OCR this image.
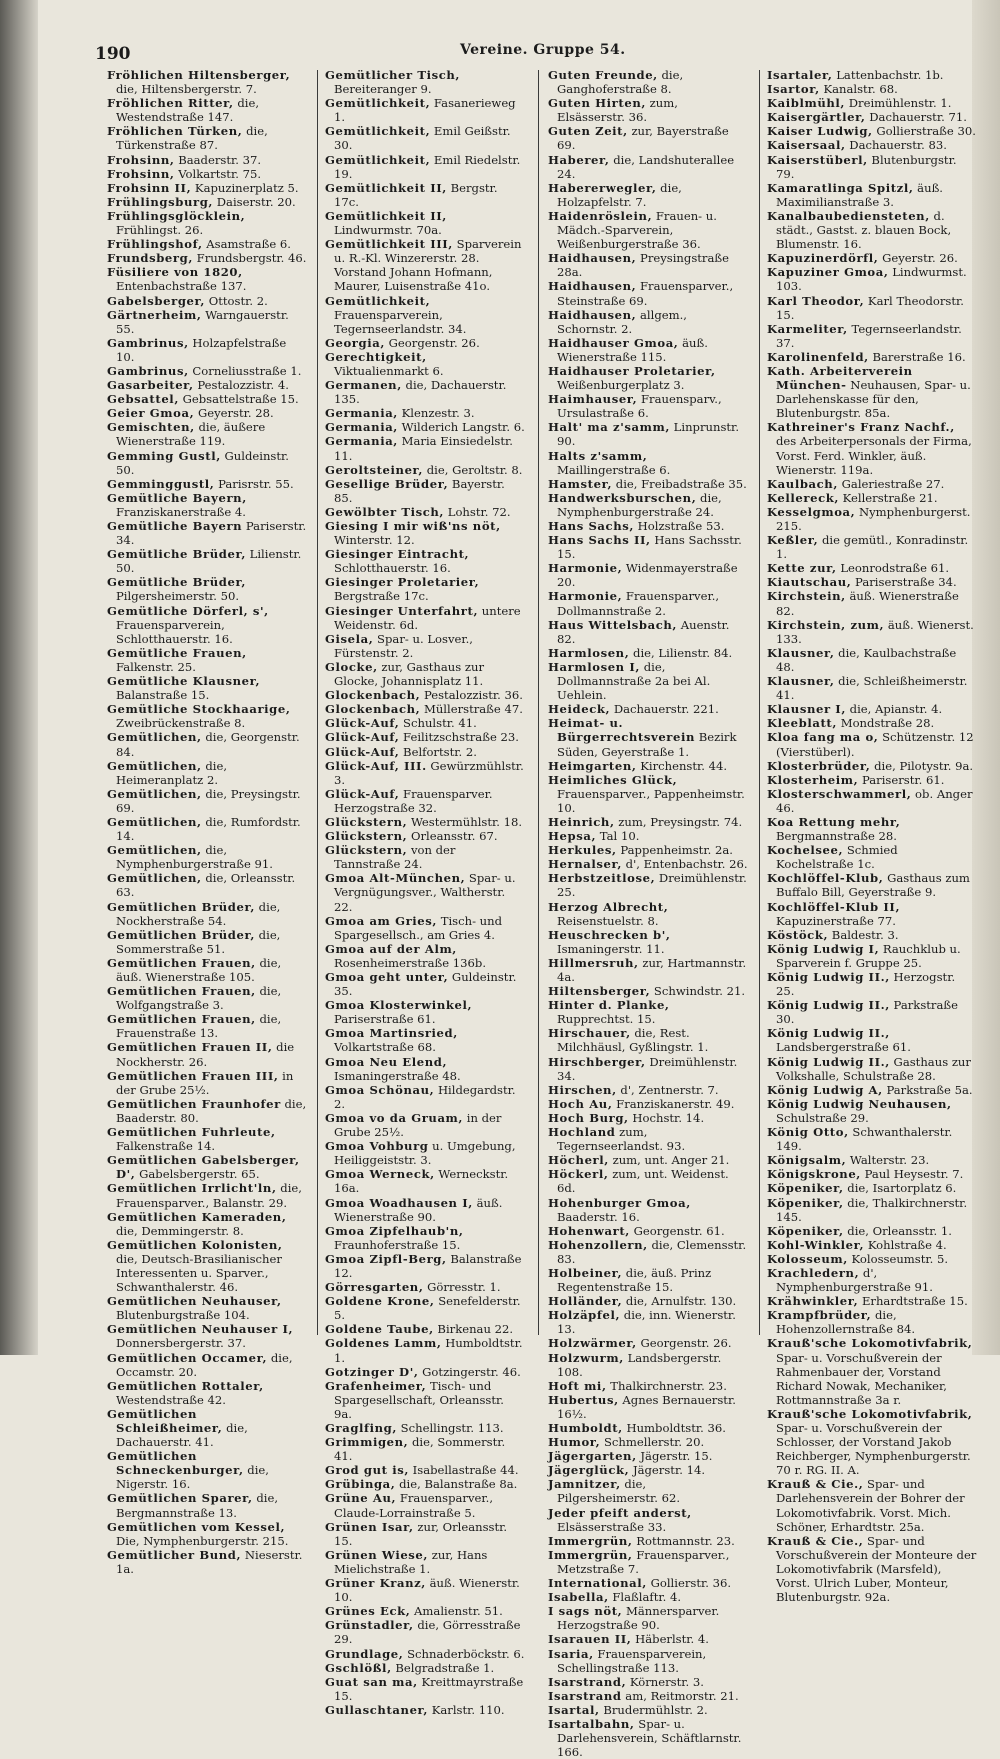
190	Vereine. Gruppe 54.

Fröhlichen Hiltensberger, die, Hiltensbergerstr. 7.

Fröhlichen Ritter, die, Westendstraße 147.

Fröhlichen Türken, die, Türkenstraße 87.

Frohsinn, Baaderstr. 37.

Frohsinn, Volkartstr. 75.

Frohsinn II, Kapuzinerplatz 5.

Frühlingsburg, Daiserstr. 20.

Frühlingsglöcklein, Frühlingst. 26.

Frühlingshof, Asamstraße 6.

Frundsberg, Frundsbergstr. 46.

Füsiliere von 1820, Entenbachstraße 137.

Gabelsberger, Ottostr. 2.

Gärtnerheim, Warngauerstr. 55.

Gambrinus, Holzapfelstraße 10.

Gambrinus, Corneliusstraße 1.

Gasarbeiter, Pestalozzistr. 4.

Gebsattel, Gebsattelstraße 15.

Geier Gmoa, Geyerstr. 28.

Gemischten, die, äußere Wienerstraße 119.

Gemming Gustl, Guldeinstr. 50.

Gemminggustl, Parisrstr. 55.

Gemütliche Bayern, Franziskanerstraße 4.

Gemütliche Bayern Pariserstr. 34.

Gemütliche Brüder, Lilienstr. 50.

Gemütliche Brüder, Pilgersheimerstr. 50.

Gemütliche Dörferl, s', Frauensparverein, Schlotthauerstr. 16.

Gemütliche Frauen, Falkenstr. 25.

Gemütliche Klausner, Balanstraße 15.

Gemütliche Stockhaarige, Zweibrückenstraße 8.

Gemütlichen, die, Georgenstr. 84.

Gemütlichen, die, Heimeranplatz 2.

Gemütlichen, die, Preysingstr. 69.

Gemütlichen, die, Rumfordstr. 14.

Gemütlichen, die, Nymphenburgerstraße 91.

Gemütlichen, die, Orleansstr. 63.

Gemütlichen Brüder, die, Nockherstraße 54.

Gemütlichen Brüder, die, Sommerstraße 51.

Gemütlichen Frauen, die, äuß. Wienerstraße 105.

Gemütlichen Frauen, die, Wolfgangstraße 3.

Gemütlichen Frauen, die, Frauenstraße 13.

Gemütlichen Frauen II, die Nockherstr. 26.

Gemütlichen Frauen III, in der Grube 25½.

Gemütlichen Fraunhofer die, Baaderstr. 80.

Gemütlichen Fuhrleute, Falkenstraße 14.

Gemütlichen Gabelsberger, D', Gabelsbergerstr. 65.

Gemütlichen Irrlicht'ln, die, Frauensparver., Balanstr. 29.

Gemütlichen Kameraden, die, Demmingerstr. 8.

Gemütlichen Kolonisten, die, Deutsch-Brasilianischer Interessenten u. Sparver., Schwanthalerstr. 46.

Gemütlichen Neuhauser, Blutenburgstraße 104.

Gemütlichen Neuhauser I, Donnersbergerstr. 37.

Gemütlichen Occamer, die, Occamstr. 20.

Gemütlichen Rottaler, Westendstraße 42.

Gemütlichen Schleißheimer, die, Dachauerstr. 41.

Gemütlichen Schneckenburger, die, Nigerstr. 16.

Gemütlichen Sparer, die, Bergmannstraße 13.

Gemütlichen vom Kessel, Die, Nymphenburgerstr. 215.

Gemütlicher Bund, Nieserstr. 1a.

Gemütlicher Tisch, Bereiteranger 9.

Gemütlichkeit, Fasanerieweg 1.

Gemütlichkeit, Emil Geißstr. 30.

Gemütlichkeit, Emil Riedelstr. 19.

Gemütlichkeit II, Bergstr. 17c.

Gemütlichkeit II, Lindwurmstr. 70a.

Gemütlichkeit III, Sparverein u. R.-Kl. Winzererstr. 28. Vorstand Johann Hofmann, Maurer, Luisenstraße 41o.

Gemütlichkeit, Frauensparverein, Tegernseerlandstr. 34.

Georgia, Georgenstr. 26.

Gerechtigkeit, Viktualienmarkt 6.

Germanen, die, Dachauerstr. 135.

Germania, Klenzestr. 3.

Germania, Wilderich Langstr. 6.

Germania, Maria Einsiedelstr. 11.

Geroltsteiner, die, Geroltstr. 8.

Gesellige Brüder, Bayerstr. 85.

Gewölbter Tisch, Lohstr. 72.

Giesing I mir wiß'ns nöt, Winterstr. 12.

Giesinger Eintracht, Schlotthauerstr. 16.

Giesinger Proletarier, Bergstraße 17c.

Giesinger Unterfahrt, untere Weidenstr. 6d.

Gisela, Spar- u. Losver., Fürstenstr. 2.

Glocke, zur, Gasthaus zur Glocke, Johannisplatz 11.

Glockenbach, Pestalozzistr. 36.

Glockenbach, Müllerstraße 47.

Glück-Auf, Schulstr. 41.

Glück-Auf, Feilitzschstraße 23.

Glück-Auf, Belfortstr. 2.

Glück-Auf, III. Gewürzmühlstr. 3.

Glück-Auf, Frauensparver. Herzogstraße 32.

Glückstern, Westermühlstr. 18.

Glückstern, Orleansstr. 67.

Glückstern, von der Tannstraße 24.

Gmoa Alt-München, Spar- u. Vergnügungsver., Waltherstr. 22.

Gmoa am Gries, Tisch- und Spargesellsch., am Gries 4.

Gmoa auf der Alm, Rosenheimerstraße 136b.

Gmoa geht unter, Guldeinstr. 35.

Gmoa Klosterwinkel, Pariserstraße 61.

Gmoa Martinsried, Volkartstraße 68.

Gmoa Neu Elend, Ismaningerstraße 48.

Gmoa Schönau, Hildegardstr. 2.

Gmoa vo da Gruam, in der Grube 25½.

Gmoa Vohburg u. Umgebung, Heiliggeiststr. 3.

Gmoa Werneck, Werneckstr. 16a.

Gmoa Woadhausen I, äuß. Wienerstraße 90.

Gmoa Zipfelhaub'n, Fraunhoferstraße 15.

Gmoa Zipfl-Berg, Balanstraße 12.

Görresgarten, Görresstr. 1.

Goldene Krone, Senefelderstr. 5.

Goldene Taube, Birkenau 22.

Goldenes Lamm, Humboldtstr. 1.

Gotzinger D', Gotzingerstr. 46.

Grafenheimer, Tisch- und Spargesellschaft, Orleansstr. 9a.

Graglfing, Schellingstr. 113.

Grimmigen, die, Sommerstr. 41.

Grod gut is, Isabellastraße 44.

Grübinga, die, Balanstraße 8a.

Grüne Au, Frauensparver., Claude-Lorrainstraße 5.

Grünen Isar, zur, Orleansstr. 15.

Grünen Wiese, zur, Hans Mielichstraße 1.

Grüner Kranz, äuß. Wienerstr. 10.

Grünes Eck, Amalienstr. 51.

Grünstadler, die, Görresstraße 29.

Grundlage, Schnaderböckstr. 6.

Gschlößl, Belgradstraße 1.

Guat san ma, Kreittmayrstraße 15.

Gullaschtaner, Karlstr. 110.

Guten Freunde, die, Ganghoferstraße 8.

Guten Hirten, zum, Elsässerstr. 36.

Guten Zeit, zur, Bayerstraße 69.

Haberer, die, Landshuterallee 24.

Habererwegler, die, Holzapfelstr. 7.

Haidenröslein, Frauen- u. Mädch.-Sparverein, Weißenburgerstraße 36.

Haidhausen, Preysingstraße 28a.

Haidhausen, Frauensparver., Steinstraße 69.

Haidhausen, allgem., Schornstr. 2.

Haidhauser Gmoa, äuß. Wienerstraße 115.

Haidhauser Proletarier, Weißenburgerplatz 3.

Haimhauser, Frauensparv., Ursulastraße 6.

Halt' ma z'samm, Linprunstr. 90.

Halts z'samm, Maillingerstraße 6.

Hamster, die, Freibadstraße 35.

Handwerksburschen, die, Nymphenburgerstraße 24.

Hans Sachs, Holzstraße 53.

Hans Sachs II, Hans Sachsstr. 15.

Harmonie, Widenmayerstraße 20.

Harmonie, Frauensparver., Dollmannstraße 2.

Haus Wittelsbach, Auenstr. 82.

Harmlosen, die, Lilienstr. 84.

Harmlosen I, die, Dollmannstraße 2a bei Al. Uehlein.

Heideck, Dachauerstr. 221.

Heimat- u. Bürgerrechtsverein Bezirk Süden, Geyerstraße 1.

Heimgarten, Kirchenstr. 44.

Heimliches Glück, Frauensparver., Pappenheimstr. 10.

Heinrich, zum, Preysingstr. 74.

Hepsa, Tal 10.

Herkules, Pappenheimstr. 2a.

Hernalser, d', Entenbachstr. 26.

Herbstzeitlose, Dreimühlenstr. 25.

Herzog Albrecht, Reisenstuelstr. 8.

Heuschrecken b', Ismaningerstr. 11.

Hillmersruh, zur, Hartmannstr. 4a.

Hiltensberger, Schwindstr. 21.

Hinter d. Planke, Rupprechtst. 15.

Hirschauer, die, Rest. Milchhäusl, Gyßlingstr. 1.

Hirschberger, Dreimühlenstr. 34.

Hirschen, d', Zentnerstr. 7.

Hoch Au, Franziskanerstr. 49.

Hoch Burg, Hochstr. 14.

Hochland zum, Tegernseerlandst. 93.

Höcherl, zum, unt. Anger 21.

Höckerl, zum, unt. Weidenst. 6d.

Hohenburger Gmoa, Baaderstr. 16.

Hohenwart, Georgenstr. 61.

Hohenzollern, die, Clemensstr. 83.

Holbeiner, die, äuß. Prinz Regentenstraße 15.

Holländer, die, Arnulfstr. 130.

Holzäpfel, die, inn. Wienerstr. 13.

Holzwärmer, Georgenstr. 26.

Holzwurm, Landsbergerstr. 108.

Hoft mi, Thalkirchnerstr. 23.

Hubertus, Agnes Bernauerstr. 16½.

Humboldt, Humboldtstr. 36.

Humor, Schmellerstr. 20.

Jägergarten, Jägerstr. 15.

Jägerglück, Jägerstr. 14.

Jamnitzer, die, Pilgersheimerstr. 62.

Jeder pfeift anderst, Elsässerstraße 33.

Immergrün, Rottmannstr. 23.

Immergrün, Frauensparver., Metzstraße 7.

International, Gollierstr. 36.

Isabella, Flaßlaftr. 4.

I sags nöt, Männersparver. Herzogstraße 90.

Isarauen II, Häberlstr. 4.

Isaria, Frauensparverein, Schellingstraße 113.

Isarstrand, Körnerstr. 3.

Isarstrand am, Reitmorstr. 21.

Isartal, Brudermühlstr. 2.

Isartalbahn, Spar- u. Darlehensverein, Schäftlarnstr. 166.

Isartaler, Lattenbachstr. 1b.

Isartor, Kanalstr. 68.

Kaiblmühl, Dreimühlenstr. 1.

Kaisergärtler, Dachauerstr. 71.

Kaiser Ludwig, Gollierstraße 30.

Kaisersaal, Dachauerstr. 83.

Kaiserstüberl, Blutenburgstr. 79.

Kamaratlinga Spitzl, äuß. Maximilianstraße 3.

Kanalbaubediensteten, d. städt., Gastst. z. blauen Bock, Blumenstr. 16.

Kapuzinerdörfl, Geyerstr. 26.

Kapuziner Gmoa, Lindwurmst. 103.

Karl Theodor, Karl Theodorstr. 15.

Karmeliter, Tegernseerlandstr. 37.

Karolinenfeld, Barerstraße 16.

Kath. Arbeiterverein München- Neuhausen, Spar- u. Darlehenskasse für den, Blutenburgstr. 85a.

Kathreiner's Franz Nachf., des Arbeiterpersonals der Firma, Vorst. Ferd. Winkler, äuß. Wienerstr. 119a.

Kaulbach, Galeriestraße 27.

Kellereck, Kellerstraße 21.

Kesselgmoa, Nymphenburgerst. 215.

Keßler, die gemütl., Konradinstr. 1.

Kette zur, Leonrodstraße 61.

Kiautschau, Pariserstraße 34.

Kirchstein, äuß. Wienerstraße 82.

Kirchstein, zum, äuß. Wienerst. 133.

Klausner, die, Kaulbachstraße 48.

Klausner, die, Schleißheimerstr. 41.

Klausner I, die, Apianstr. 4.

Kleeblatt, Mondstraße 28.

Kloa fang ma o, Schützenstr. 12 (Vierstüberl).

Klosterbrüder, die, Pilotystr. 9a.

Klosterheim, Pariserstr. 61.

Klosterschwammerl, ob. Anger 46.

Koa Rettung mehr, Bergmannstraße 28.

Kochelsee, Schmied Kochelstraße 1c.

Kochlöffel-Klub, Gasthaus zum Buffalo Bill, Geyerstraße 9.

Kochlöffel-Klub II, Kapuzinerstraße 77.

Köstöck, Baldestr. 3.

König Ludwig I, Rauchklub u. Sparverein f. Gruppe 25.

König Ludwig II., Herzogstr. 25.

König Ludwig II., Parkstraße 30.

König Ludwig II., Landsbergerstraße 61.

König Ludwig II., Gasthaus zur Volkshalle, Schulstraße 28.

König Ludwig A, Parkstraße 5a.

König Ludwig Neuhausen, Schulstraße 29.

König Otto, Schwanthalerstr. 149.

Königsalm, Walterstr. 23.

Königskrone, Paul Heysestr. 7.

Köpeniker, die, Isartorplatz 6.

Köpeniker, die, Thalkirchnerstr. 145.

Köpeniker, die, Orleansstr. 1.

Kohl-Winkler, Kohlstraße 4.

Kolosseum, Kolosseumstr. 5.

Krachledern, d', Nymphenburgerstraße 91.

Krähwinkler, Erhardtstraße 15.

Krampfbrüder, die, Hohenzollernstraße 84.

Krauß'sche Lokomotivfabrik, Spar- u. Vorschußverein der Rahmenbauer der, Vorstand Richard Nowak, Mechaniker, Rottmannstraße 3a r.

Krauß'sche Lokomotivfabrik, Spar- u. Vorschußverein der Schlosser, der Vorstand Jakob Reichberger, Nymphenburgerstr. 70 r. RG. II. A.

Krauß & Cie., Spar- und Darlehensverein der Bohrer der Lokomotivfabrik. Vorst. Mich. Schöner, Erhardtstr. 25a.

Krauß & Cie., Spar- und Vorschußverein der Monteure der Lokomotivfabrik (Marsfeld), Vorst. Ulrich Luber, Monteur, Blutenburgstr. 92a.
